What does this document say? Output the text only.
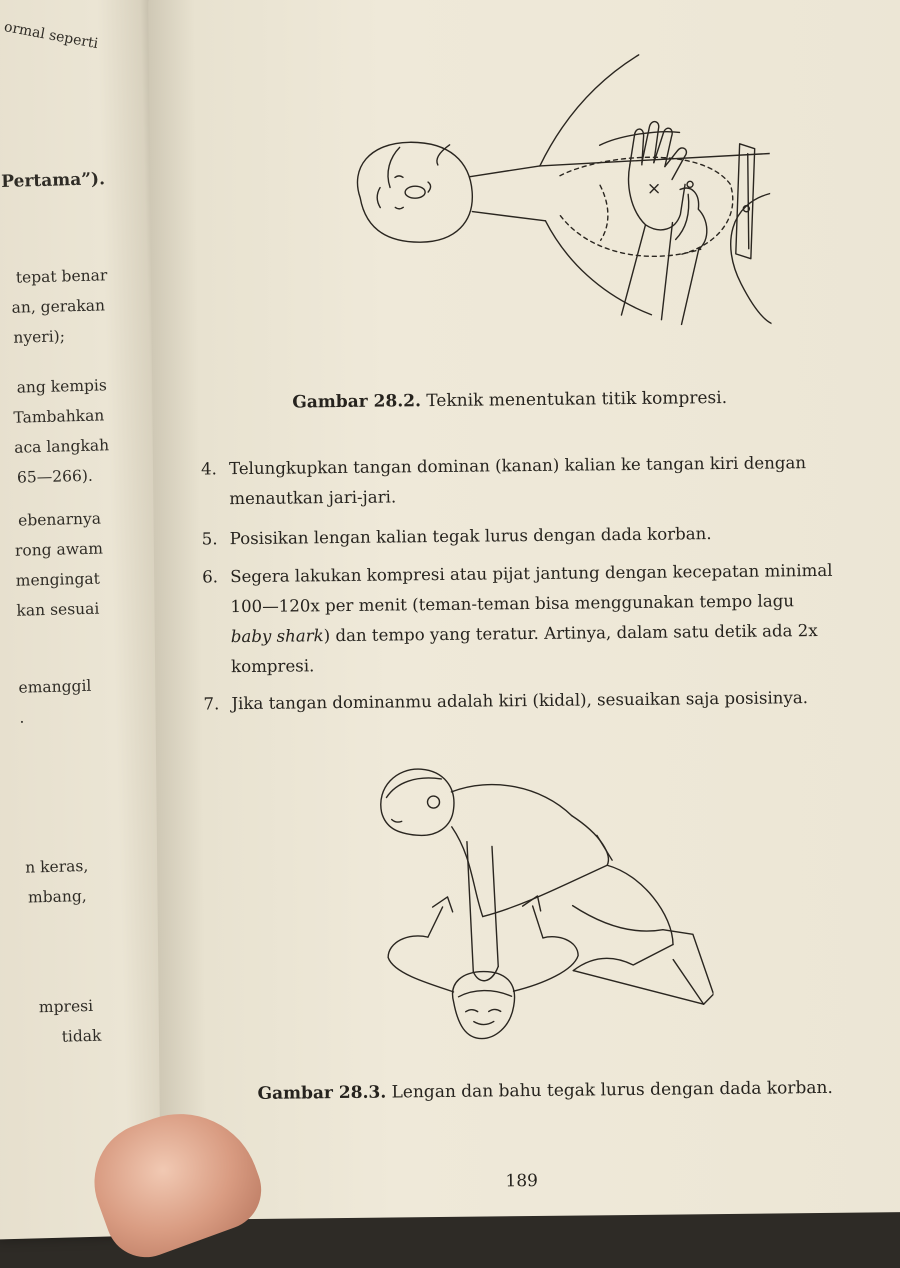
ormal seperti
Pertama”).
tepat benar
an, gerakan
nyeri);
ang kempis
Tambahkan
aca langkah
65—266).
ebenarnya
rong awam
mengingat
kan sesuai
emanggil
.
n keras,
mbang,
mpresi
tidak
Gambar 28.2. Teknik menentukan titik kompresi.
4. Telungkupkan tangan dominan (kanan) kalian ke tangan kiri dengan
menautkan jari-jari.
5. Posisikan lengan kalian tegak lurus dengan dada korban.
6. Segera lakukan kompresi atau pijat jantung dengan kecepatan minimal
100—120x per menit (teman-teman bisa menggunakan tempo lagu
baby shark) dan tempo yang teratur. Artinya, dalam satu detik ada 2x
kompresi.
7. Jika tangan dominanmu adalah kiri (kidal), sesuaikan saja posisinya.
Gambar 28.3. Lengan dan bahu tegak lurus dengan dada korban.
189
